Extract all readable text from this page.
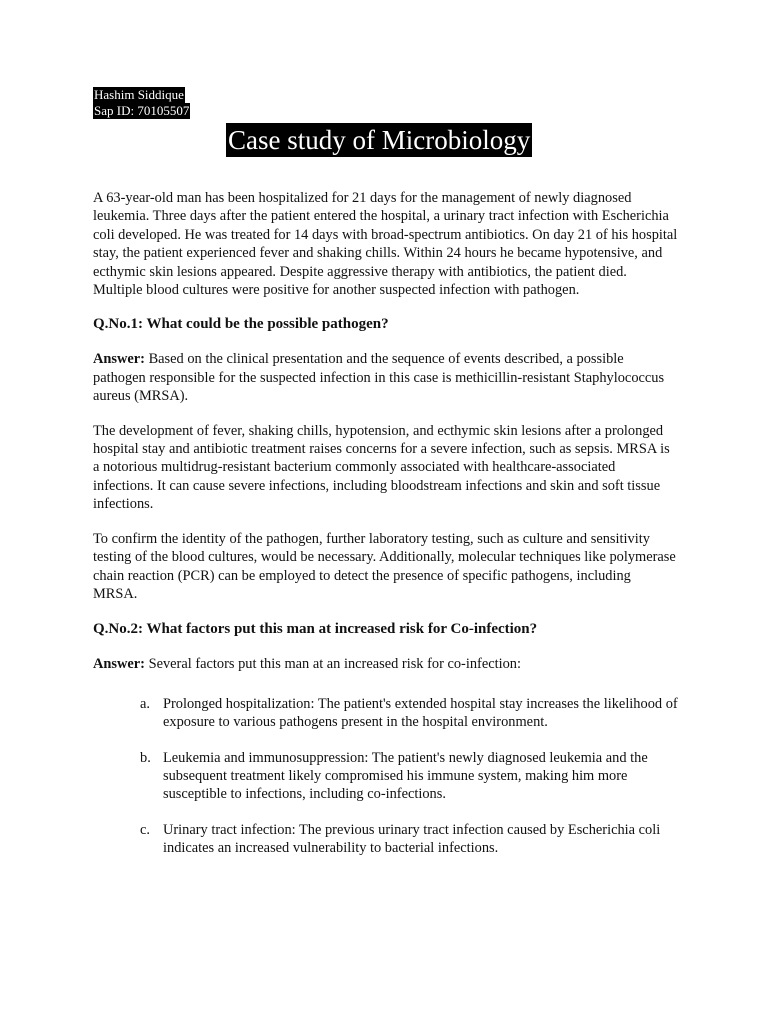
Hashim Siddique
Sap ID: 70105507
Case study of Microbiology

A 63-year-old man has been hospitalized for 21 days for the management of newly diagnosed leukemia. Three days after the patient entered the hospital, a urinary tract infection with Escherichia coli developed. He was treated for 14 days with broad-spectrum antibiotics. On day 21 of his hospital stay, the patient experienced fever and shaking chills. Within 24 hours he became hypotensive, and ecthymic skin lesions appeared. Despite aggressive therapy with antibiotics, the patient died. Multiple blood cultures were positive for another suspected infection with pathogen.

Q.No.1: What could be the possible pathogen?

Answer: Based on the clinical presentation and the sequence of events described, a possible pathogen responsible for the suspected infection in this case is methicillin-resistant Staphylococcus aureus (MRSA).

The development of fever, shaking chills, hypotension, and ecthymic skin lesions after a prolonged hospital stay and antibiotic treatment raises concerns for a severe infection, such as sepsis. MRSA is a notorious multidrug-resistant bacterium commonly associated with healthcare-associated infections. It can cause severe infections, including bloodstream infections and skin and soft tissue infections.

To confirm the identity of the pathogen, further laboratory testing, such as culture and sensitivity testing of the blood cultures, would be necessary. Additionally, molecular techniques like polymerase chain reaction (PCR) can be employed to detect the presence of specific pathogens, including MRSA.

Q.No.2: What factors put this man at increased risk for Co-infection?

Answer: Several factors put this man at an increased risk for co-infection:

a. Prolonged hospitalization: The patient's extended hospital stay increases the likelihood of exposure to various pathogens present in the hospital environment.
b. Leukemia and immunosuppression: The patient's newly diagnosed leukemia and the subsequent treatment likely compromised his immune system, making him more susceptible to infections, including co-infections.
c. Urinary tract infection: The previous urinary tract infection caused by Escherichia coli indicates an increased vulnerability to bacterial infections.
